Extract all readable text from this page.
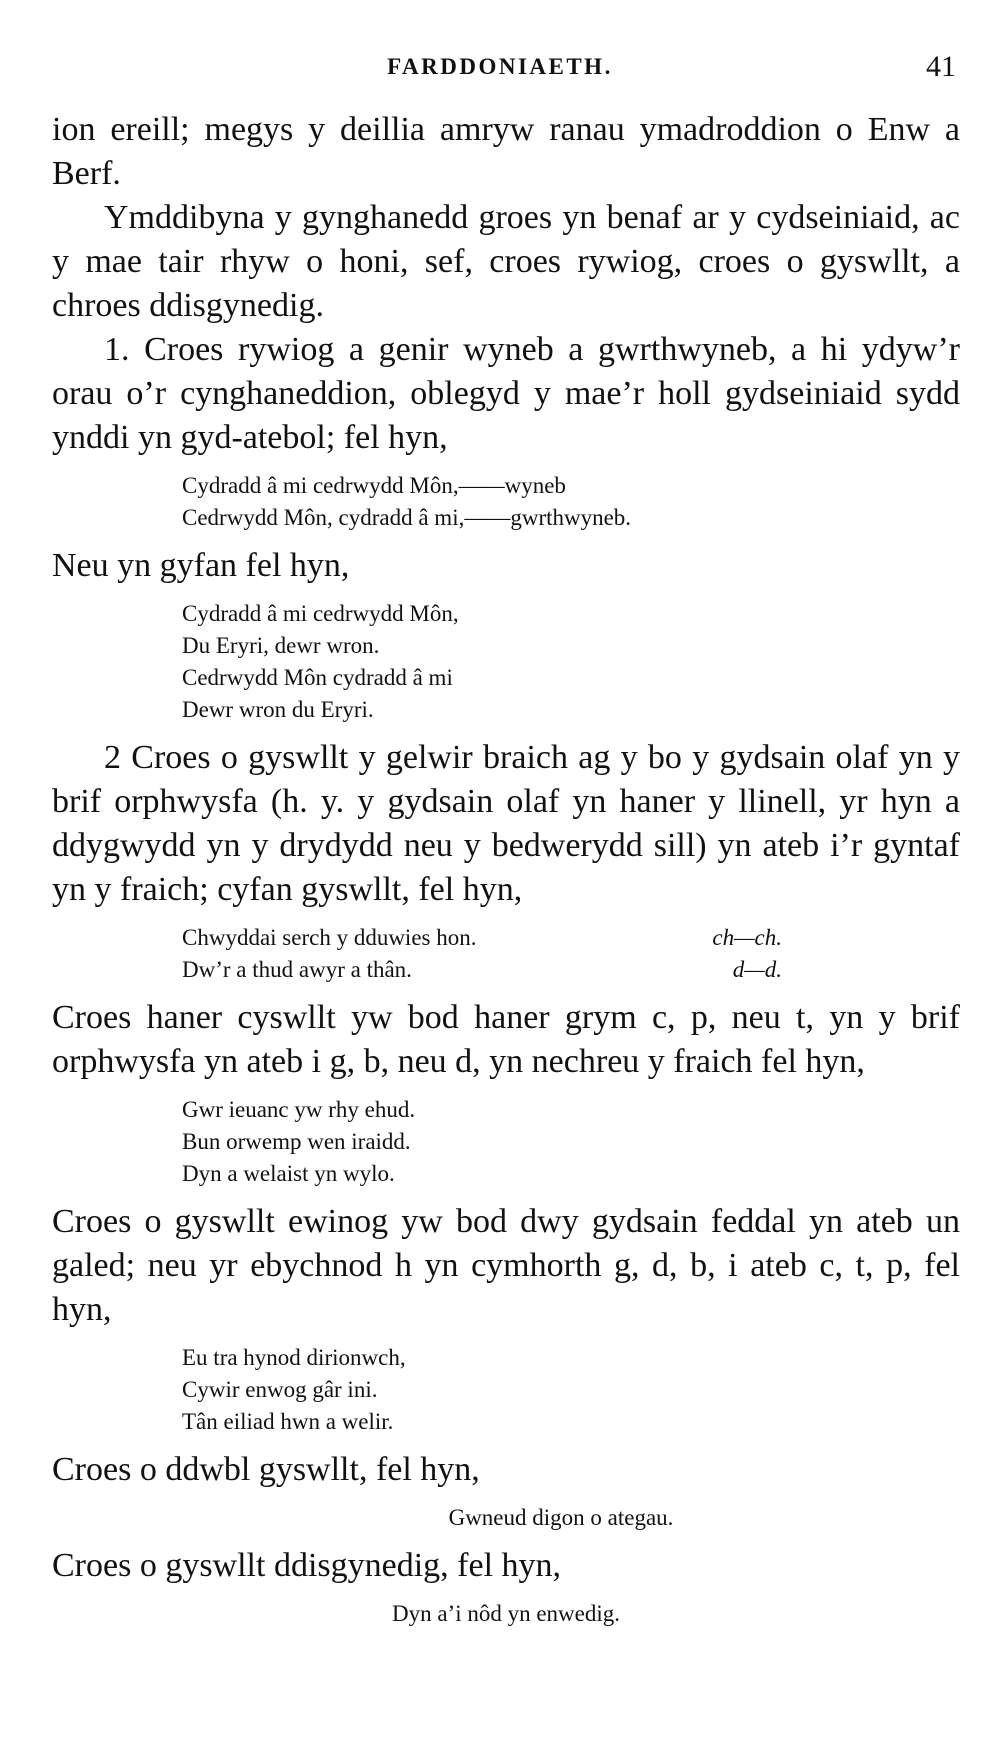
FARDDONIAETH.	41

ion ereill; megys y deillia amryw ranau ymadroddion o Enw a Berf.

Ymddibyna y gynghanedd groes yn benaf ar y cydseiniaid, ac y mae tair rhyw o honi, sef, croes rywiog, croes o gyswllt, a chroes ddisgynedig.

1. Croes rywiog a genir wyneb a gwrthwyneb, a hi ydyw’r orau o’r cynghaneddion, oblegyd y mae’r holl gydseiniaid sydd ynddi yn gyd-atebol; fel hyn,

Cydradd â mi cedrwydd Môn,——wyneb
Cedrwydd Môn, cydradd â mi,——gwrthwyneb.

Neu yn gyfan fel hyn,

Cydradd â mi cedrwydd Môn,
Du Eryri, dewr wron.
Cedrwydd Môn cydradd â mi
Dewr wron du Eryri.

2 Croes o gyswllt y gelwir braich ag y bo y gydsain olaf yn y brif orphwysfa (h. y. y gydsain olaf yn haner y llinell, yr hyn a ddygwydd yn y drydydd neu y bedwerydd sill) yn ateb i’r gyntaf yn y fraich; cyfan gyswllt, fel hyn,

Chwyddai serch y dduwies hon.	ch—ch.
Dw’r a thud awyr a thân.	d—d.

Croes haner cyswllt yw bod haner grym c, p, neu t, yn y brif orphwysfa yn ateb i g, b, neu d, yn nechreu y fraich fel hyn,

Gwr ieuanc yw rhy ehud.
Bun orwemp wen iraidd.
Dyn a welaist yn wylo.

Croes o gyswllt ewinog yw bod dwy gydsain feddal yn ateb un galed; neu yr ebychnod h yn cymhorth g, d, b, i ateb c, t, p, fel hyn,

Eu tra hynod dirionwch,
Cywir enwog gâr ini.
Tân eiliad hwn a welir.

Croes o ddwbl gyswllt, fel hyn,

Gwneud digon o ategau.

Croes o gyswllt ddisgynedig, fel hyn,

Dyn a’i nôd yn enwedig.
